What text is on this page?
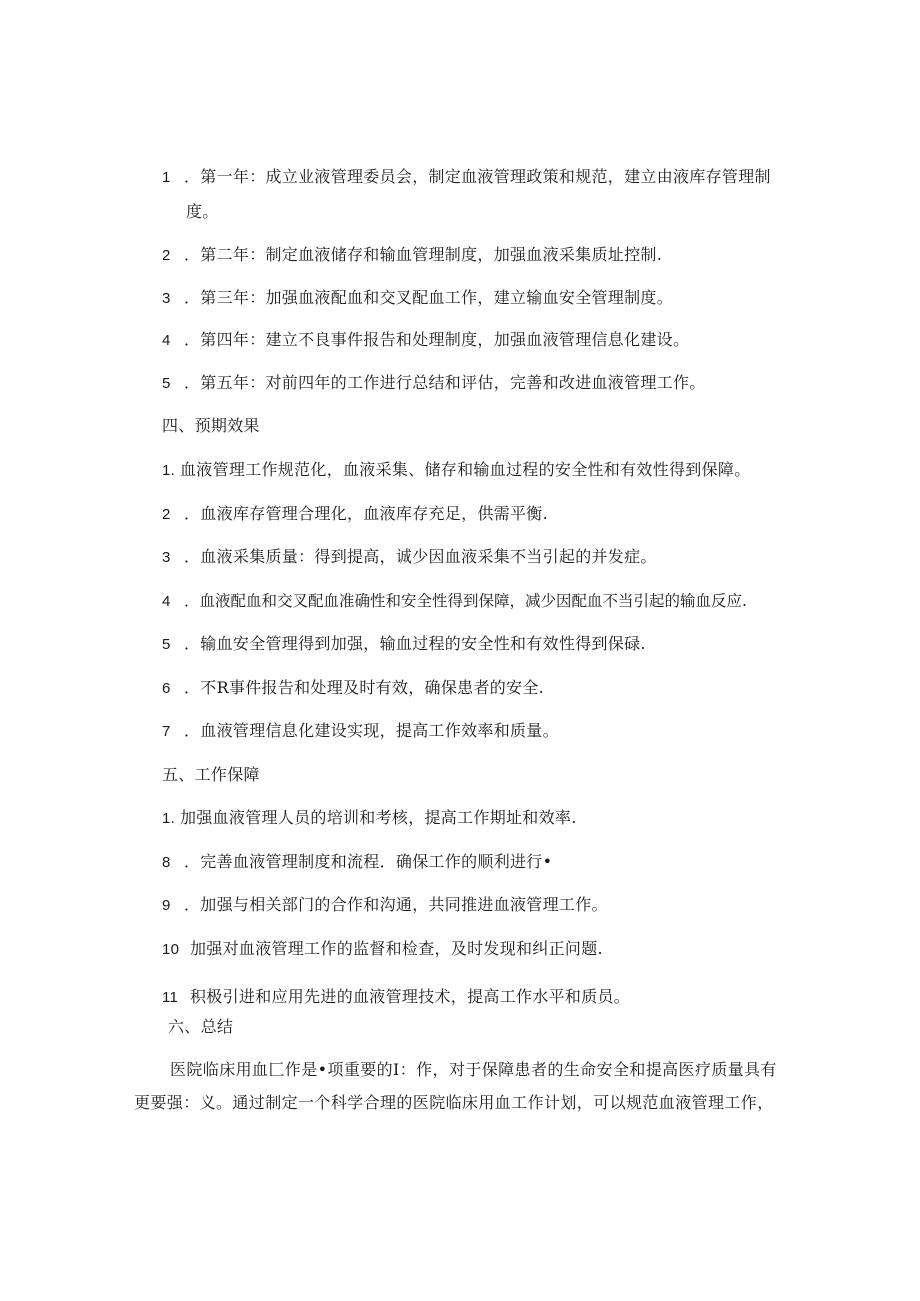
1 ．第一年：成立业液管理委员会，制定血液管理政策和规范，建立由液库存管理制
度。
2 ．第二年：制定血液储存和输血管理制度，加强血液采集质址控制.
3 ．第三年：加强血液配血和交叉配血工作，建立输血安全管理制度。
4 ．第四年：建立不良事件报告和处理制度，加强血液管理信息化建设。
5 ．第五年：对前四年的工作进行总结和评估，完善和改进血液管理工作。
四、预期效果
1. 血液管理工作规范化，血液采集、储存和输血过程的安全性和有效性得到保障。
2 ．血液库存管理合理化，血液库存充足，供需平衡.
3 ．血液采集质量：得到提高，诚少因血液采集不当引起的并发症。
4 ．血液配血和交叉配血准确性和安全性得到保障，减少因配血不当引起的输血反应.
5 ．输血安全管理得到加强，输血过程的安全性和有效性得到保碌.
6 ．不R事件报告和处理及时有效，确保患者的安全.
7 ．血液管理信息化建设实现，提高工作效率和质量。
五、工作保障
1. 加强血液管理人员的培训和考核，提高工作期址和效率.
8 ．完善血液管理制度和流程．确保工作的顺利进行•
9 ．加强与相关部门的合作和沟通，共同推进血液管理工作。
10 加强对血液管理工作的监督和检查，及时发现和纠正问题.
11 积极引进和应用先进的血液管理技术，提高工作水平和质员。
六、总结
医院临床用血匚作是•项重要的I：作，对于保障患者的生命安全和提高医疗质量具有更要强：义。通过制定一个科学合理的医院临床用血工作计划，可以规范血液管理工作，
